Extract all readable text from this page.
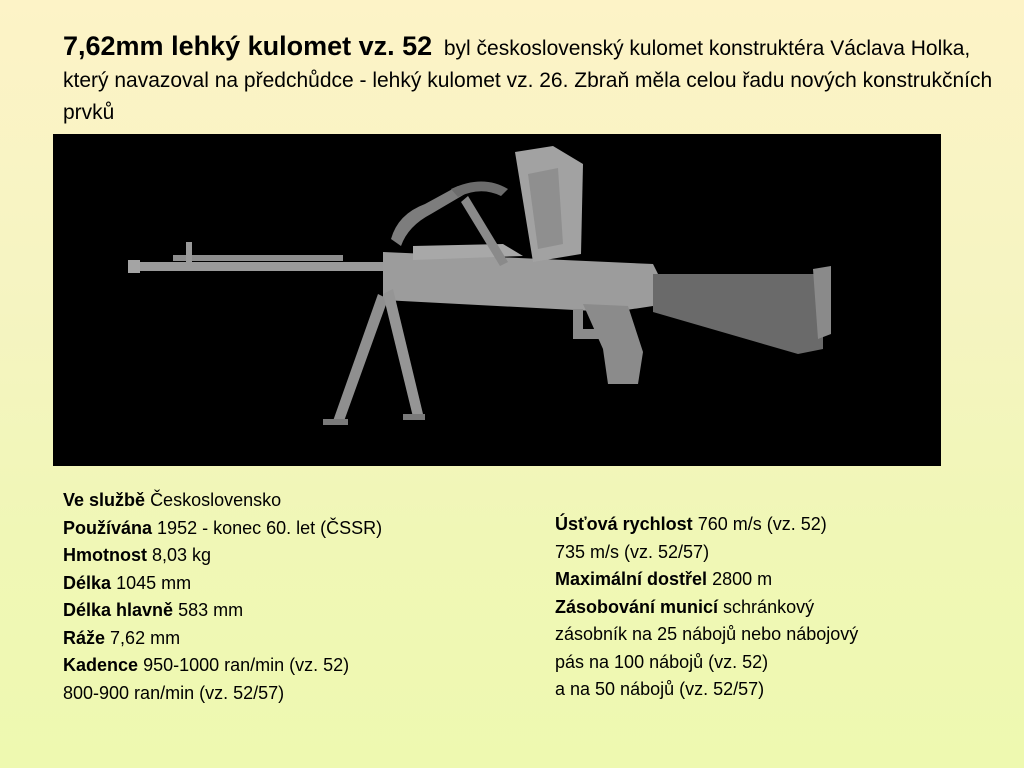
7,62mm lehký kulomet vz. 52 byl československý kulomet konstruktéra Václava Holka, který navazoval na předchůdce - lehký kulomet vz. 26. Zbraň měla celou řadu nových konstrukčních prvků
Ve službě Československo
Používána 1952 - konec 60. let (ČSSR)
Hmotnost 8,03 kg
Délka 1045 mm
Délka hlavně 583 mm
Ráže 7,62 mm
Kadence 950-1000 ran/min (vz. 52)
800-900 ran/min (vz. 52/57)
Úsťová rychlost 760 m/s (vz. 52)
735 m/s (vz. 52/57)
Maximální dostřel 2800 m
Zásobování municí schránkový
zásobník na 25 nábojů nebo nábojový
pás na 100 nábojů (vz. 52)
a na 50 nábojů (vz. 52/57)
